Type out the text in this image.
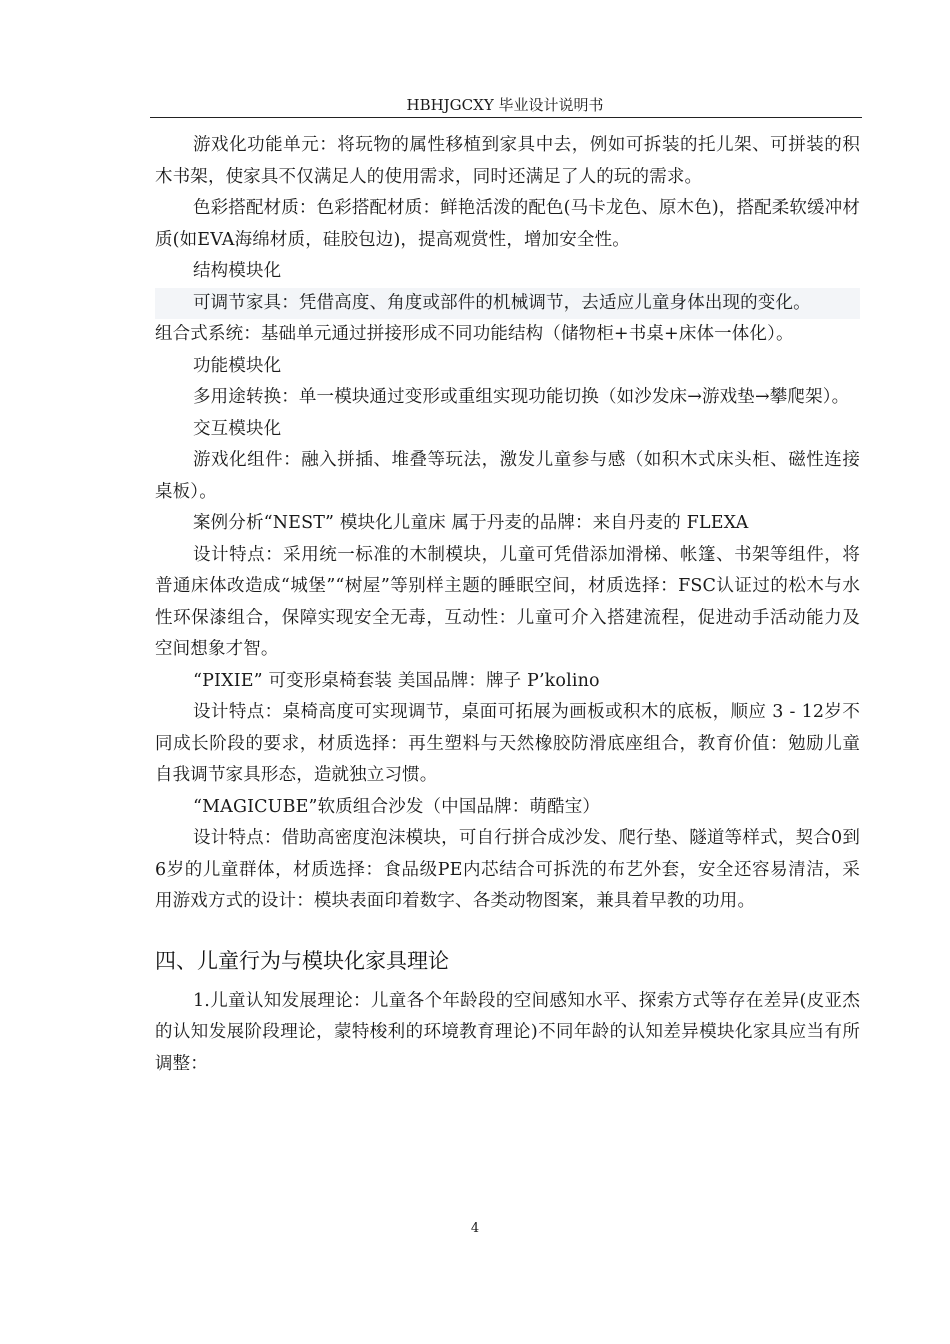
HBHJGCXY 毕业设计说明书

游戏化功能单元：将玩物的属性移植到家具中去，例如可拆装的托儿架、可拼装的积木书架，使家具不仅满足人的使用需求，同时还满足了人的玩的需求。

色彩搭配材质：色彩搭配材质：鲜艳活泼的配色(马卡龙色、原木色)，搭配柔软缓冲材质(如EVA海绵材质，硅胶包边)，提高观赏性，增加安全性。

结构模块化

可调节家具：凭借高度、角度或部件的机械调节，去适应儿童身体出现的变化。

组合式系统：基础单元通过拼接形成不同功能结构（储物柜+书桌+床体一体化）。

功能模块化

多用途转换：单一模块通过变形或重组实现功能切换（如沙发床→游戏垫→攀爬架）。

交互模块化

游戏化组件：融入拼插、堆叠等玩法，激发儿童参与感（如积木式床头柜、磁性连接桌板）。

案例分析“NEST” 模块化儿童床 属于丹麦的品牌：来自丹麦的 FLEXA

设计特点：采用统一标准的木制模块，儿童可凭借添加滑梯、帐篷、书架等组件，将普通床体改造成“城堡”“树屋”等别样主题的睡眠空间，材质选择：FSC认证过的松木与水性环保漆组合，保障实现安全无毒，互动性：儿童可介入搭建流程，促进动手活动能力及空间想象才智。

“PIXIE” 可变形桌椅套装 美国品牌：牌子 P’kolino

设计特点：桌椅高度可实现调节，桌面可拓展为画板或积木的底板，顺应 3 - 12岁不同成长阶段的要求，材质选择：再生塑料与天然橡胶防滑底座组合，教育价值：勉励儿童自我调节家具形态，造就独立习惯。

“MAGICUBE”软质组合沙发（中国品牌：萌酷宝）

设计特点：借助高密度泡沫模块，可自行拼合成沙发、爬行垫、隧道等样式，契合0到6岁的儿童群体，材质选择：食品级PE内芯结合可拆洗的布艺外套，安全还容易清洁，采用游戏方式的设计：模块表面印着数字、各类动物图案，兼具着早教的功用。

四、儿童行为与模块化家具理论

1.儿童认知发展理论：儿童各个年龄段的空间感知水平、探索方式等存在差异(皮亚杰的认知发展阶段理论，蒙特梭利的环境教育理论)不同年龄的认知差异模块化家具应当有所调整：

4
